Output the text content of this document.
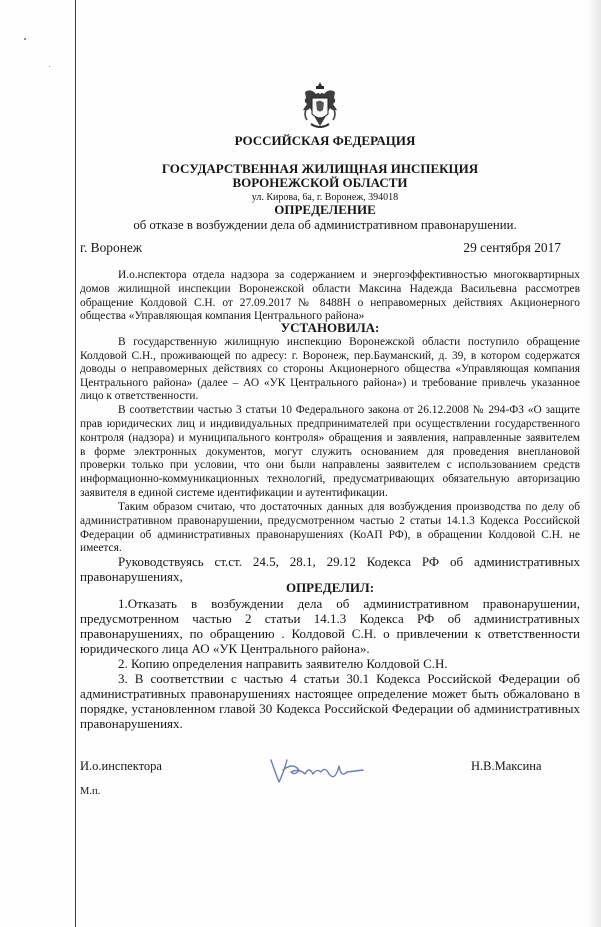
РОССИЙСКАЯ ФЕДЕРАЦИЯ
ГОСУДАРСТВЕННАЯ ЖИЛИЩНАЯ ИНСПЕКЦИЯ
ВОРОНЕЖСКОЙ ОБЛАСТИ
ул. Кирова, 6а, г. Воронеж, 394018
ОПРЕДЕЛЕНИЕ
об отказе в возбуждении дела об административном правонарушении.
г. Воронеж	29 сентября 2017
И.о.нспектора отдела надзора за содержанием и энергоэффективностью многоквартирных
домов жилищной инспекции Воронежской области Максина Надежда Васильевна рассмотрев
обращение Колдовой С.Н. от 27.09.2017 № 8488Н о неправомерных действиях Акционерного
общества «Управляющая компания Центрального района»
УСТАНОВИЛА:
В государственную жилищную инспекцию Воронежской области поступило обращение
Колдовой С.Н., проживающей по адресу: г. Воронеж, пер.Бауманский, д. 39, в котором содержатся
доводы о неправомерных действиях со стороны Акционерного общества «Управляющая компания
Центрального района» (далее – АО «УК Центрального района») и требование привлечь указанное
лицо к ответственности.
В соответствии частью 3 статьи 10 Федерального закона от 26.12.2008 № 294-ФЗ «О защите
прав юридических лиц и индивидуальных предпринимателей при осуществлении государственного
контроля (надзора) и муниципального контроля» обращения и заявления, направленные заявителем
в форме электронных документов, могут служить основанием для проведения внеплановой
проверки только при условии, что они были направлены заявителем с использованием средств
информационно-коммуникационных технологий, предусматривающих обязательную авторизацию
заявителя в единой системе идентификации и аутентификации.
Таким образом считаю, что достаточных данных для возбуждения производства по делу об
административном правонарушении, предусмотренном частью 2 статьи 14.1.3 Кодекса Российской
Федерации об административных правонарушениях (КоАП РФ), в обращении Колдовой С.Н. не
имеется.
Руководствуясь ст.ст. 24.5, 28.1, 29.12 Кодекса РФ об административных
правонарушениях,
ОПРЕДЕЛИЛ:
1.Отказать в возбуждении дела об административном правонарушении,
предусмотренном частью 2 статьи 14.1.3 Кодекса РФ об административных
правонарушениях, по обращению . Колдовой С.Н. о привлечении к ответственности
юридического лица АО «УК Центрального района».
2. Копию определения направить заявителю Колдовой С.Н.
3. В соответствии с частью 4 статьи 30.1 Кодекса Российской Федерации об
административных правонарушениях настоящее определение может быть обжаловано в
порядке, установленном главой 30 Кодекса Российской Федерации об административных
правонарушениях.
И.о.инспектора	Н.В.Максина
М.п.
